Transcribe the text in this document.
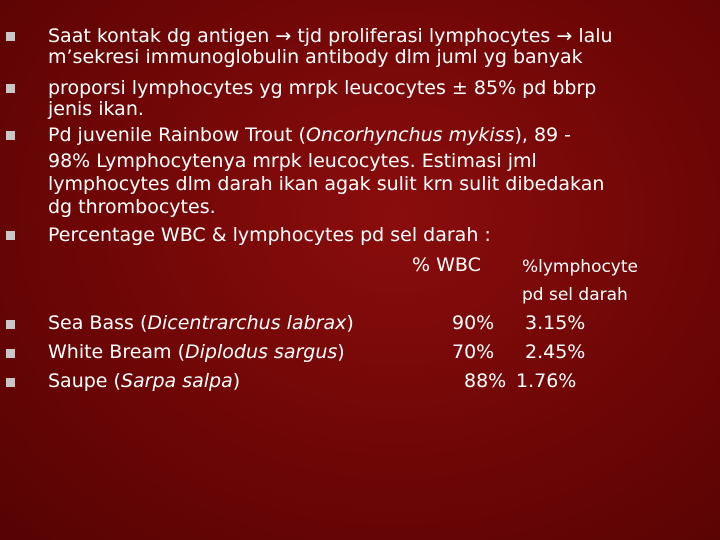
Saat kontak dg antigen → tjd proliferasi lymphocytes → lalu
m’sekresi immunoglobulin antibody dlm juml yg banyak
proporsi lymphocytes yg mrpk leucocytes ± 85% pd bbrp
jenis ikan.
Pd juvenile Rainbow Trout (Oncorhynchus mykiss), 89 -
98% Lymphocytenya mrpk leucocytes. Estimasi jml
lymphocytes dlm darah ikan agak sulit krn sulit dibedakan
dg thrombocytes.
Percentage WBC & lymphocytes pd sel darah :
% WBC %lymphocyte
pd sel darah
Sea Bass (Dicentrarchus labrax)	90% 3.15%
White Bream (Diplodus sargus)	70% 2.45%
Saupe (Sarpa salpa)	88% 1.76%
